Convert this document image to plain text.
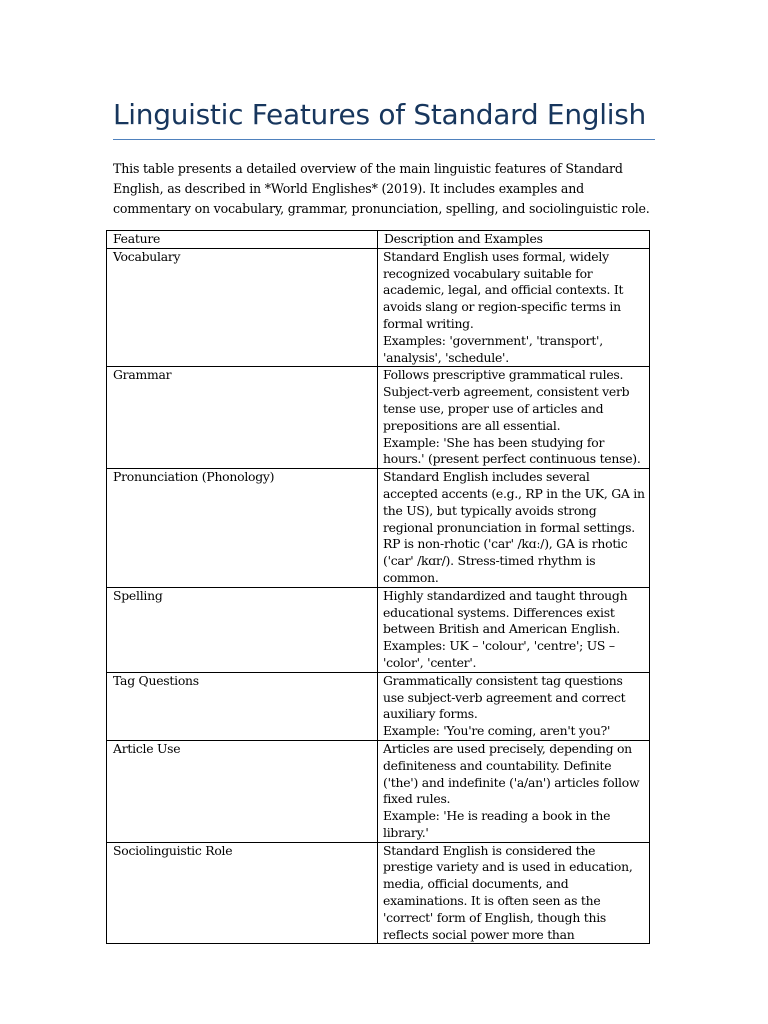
Linguistic Features of Standard English

This table presents a detailed overview of the main linguistic features of Standard English, as described in *World Englishes* (2019). It includes examples and commentary on vocabulary, grammar, pronunciation, spelling, and sociolinguistic role.

Feature	Description and Examples
Vocabulary	Standard English uses formal, widely recognized vocabulary suitable for academic, legal, and official contexts. It avoids slang or region-specific terms in formal writing.
Examples: 'government', 'transport', 'analysis', 'schedule'.

Grammar	Follows prescriptive grammatical rules. Subject-verb agreement, consistent verb tense use, proper use of articles and prepositions are all essential.
Example: 'She has been studying for hours.' (present perfect continuous tense).

Pronunciation (Phonology)	Standard English includes several accepted accents (e.g., RP in the UK, GA in the US), but typically avoids strong regional pronunciation in formal settings.
RP is non-rhotic ('car' /kɑː/), GA is rhotic ('car' /kɑr/). Stress-timed rhythm is common.

Spelling	Highly standardized and taught through educational systems. Differences exist between British and American English.
Examples: UK – 'colour', 'centre'; US – 'color', 'center'.

Tag Questions	Grammatically consistent tag questions use subject-verb agreement and correct auxiliary forms.
Example: 'You're coming, aren't you?'

Article Use	Articles are used precisely, depending on definiteness and countability. Definite ('the') and indefinite ('a/an') articles follow fixed rules.
Example: 'He is reading a book in the library.'

Sociolinguistic Role	Standard English is considered the prestige variety and is used in education, media, official documents, and examinations. It is often seen as the 'correct' form of English, though this reflects social power more than
